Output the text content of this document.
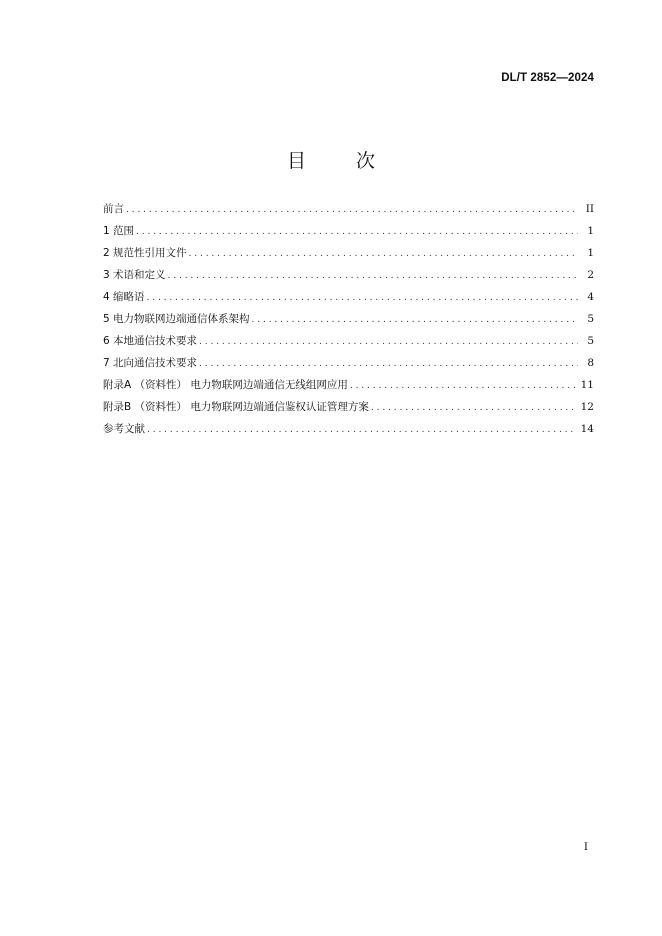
DL/T 2852—2024
目 次
前言 . . .	II
1 范围 . . .	1
2 规范性引用文件 . . .	1
3 术语和定义 . . .	2
4 缩略语 . . .	4
5 电力物联网边端通信体系架构 . . .	5
6 本地通信技术要求 . . .	5
7 北向通信技术要求 . . .	8
附录A （资料性） 电力物联网边端通信无线组网应用 . . .	11
附录B （资料性） 电力物联网边端通信鉴权认证管理方案 . . .	12
参考文献 . . .	14
I
